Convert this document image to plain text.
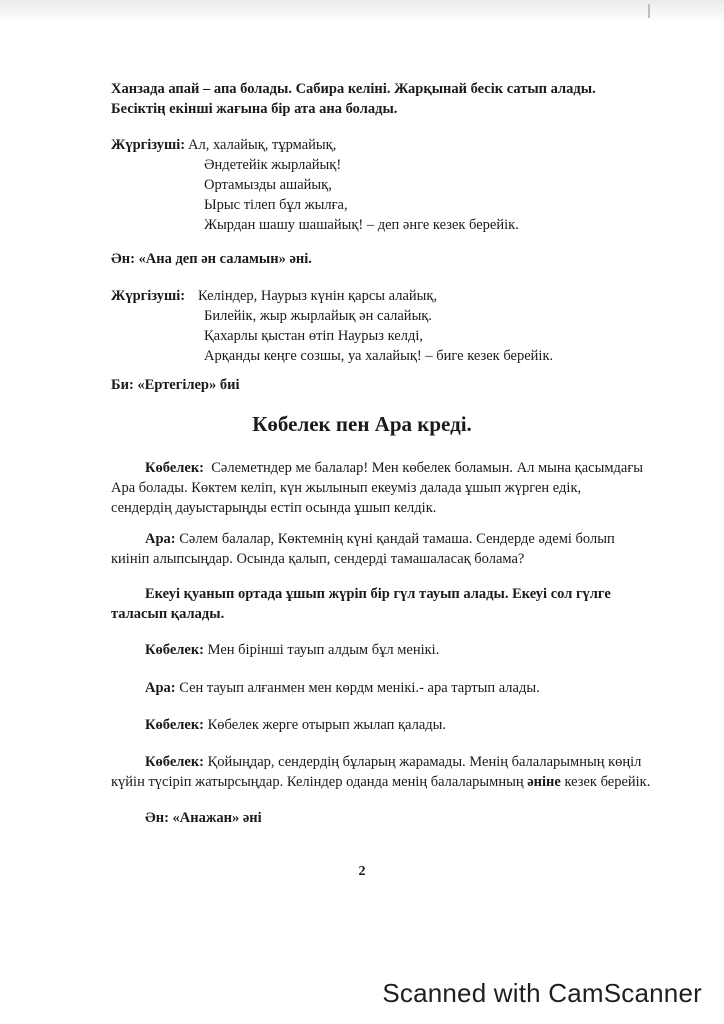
Ханзада апай – апа болады. Сабира келіні. Жарқынай бесік сатып алады.
Бесіктің екінші жағына бір ата ана болады.
Жүргізуші: Ал, халайық, тұрмайық,
Әндетейік жырлайық!
Ортамызды ашайық,
Ырыс тілеп бұл жылға,
Жырдан шашу шашайық! – деп әнге кезек берейік.
Ән: «Ана деп ән саламын» әні.
Жүргізуші: Келіндер, Наурыз күнін қарсы алайық,
Билейік, жыр жырлайық ән салайық.
Қахарлы қыстан өтіп Наурыз келді,
Арқанды кеңге созшы, уа халайық! – биге кезек берейік.
Би: «Ертегілер» биі
Көбелек пен Ара креді.
Көбелек: Сәлеметндер ме балалар! Мен көбелек боламын. Ал мына қасымдағы
Ара болады. Көктем келіп, күн жылынып екеуміз далада ұшып жүрген едік,
сендердің дауыстарыңды естіп осында ұшып келдік.
Ара: Сәлем балалар, Көктемнің күні қандай тамаша. Сендерде әдемі болып
киініп алыпсыңдар. Осында қалып, сендерді тамашаласақ болама?
Екеуі қуанып ортада ұшып жүріп бір гүл тауып алады. Екеуі сол гүлге
таласып қалады.
Көбелек: Мен бірінші тауып алдым бұл менікі.
Ара: Сен тауып алғанмен мен көрдм менікі.- ара тартып алады.
Көбелек: Көбелек жерге отырып жылап қалады.
Көбелек: Қойыңдар, сендердің бұларың жарамады. Менің балаларымның көңіл
күйін түсіріп жатырсыңдар. Келіндер оданда менің балаларымның әніне кезек берейік.
Ән: «Анажан» әні
2
Scanned with CamScanner
